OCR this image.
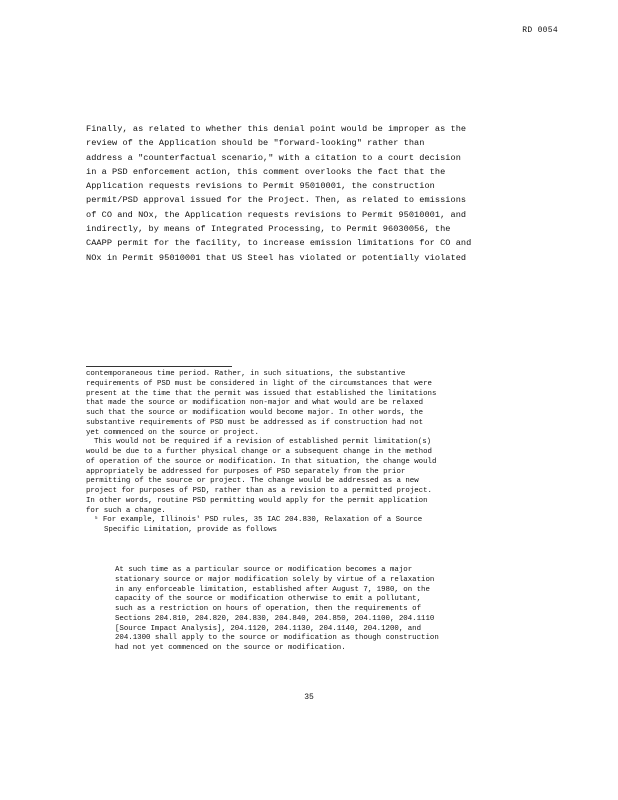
RD 0054
Finally, as related to whether this denial point would be improper as the
review of the Application should be "forward-looking" rather than
address a "counterfactual scenario," with a citation to a court decision
in a PSD enforcement action, this comment overlooks the fact that the
Application requests revisions to Permit 95010001, the construction
permit/PSD approval issued for the Project. Then, as related to emissions
of CO and NOx, the Application requests revisions to Permit 95010001, and
indirectly, by means of Integrated Processing, to Permit 96030056, the
CAAPP permit for the facility, to increase emission limitations for CO and
NOx in Permit 95010001 that US Steel has violated or potentially violated
contemporaneous time period. Rather, in such situations, the substantive
requirements of PSD must be considered in light of the circumstances that were
present at the time that the permit was issued that established the limitations
that made the source or modification non-major and what would are be relaxed
such that the source or modification would become major. In other words, the
substantive requirements of PSD must be addressed as if construction had not
yet commenced on the source or project.
This would not be required if a revision of established permit limitation(s)
would be due to a further physical change or a subsequent change in the method
of operation of the source or modification. In that situation, the change would
appropriately be addressed for purposes of PSD separately from the prior
permitting of the source or project. The change would be addressed as a new
project for purposes of PSD, rather than as a revision to a permitted project.
In other words, routine PSD permitting would apply for the permit application
for such a change.
⁵ For example, Illinois' PSD rules, 35 IAC 204.830, Relaxation of a Source
Specific Limitation, provide as follows
At such time as a particular source or modification becomes a major
stationary source or major modification solely by virtue of a relaxation
in any enforceable limitation, established after August 7, 1980, on the
capacity of the source or modification otherwise to emit a pollutant,
such as a restriction on hours of operation, then the requirements of
Sections 204.810, 204.820, 204.830, 204.840, 204.850, 204.1100, 204.1110
[Source Impact Analysis], 204.1120, 204.1130, 204.1140, 204.1200, and
204.1300 shall apply to the source or modification as though construction
had not yet commenced on the source or modification.
35
